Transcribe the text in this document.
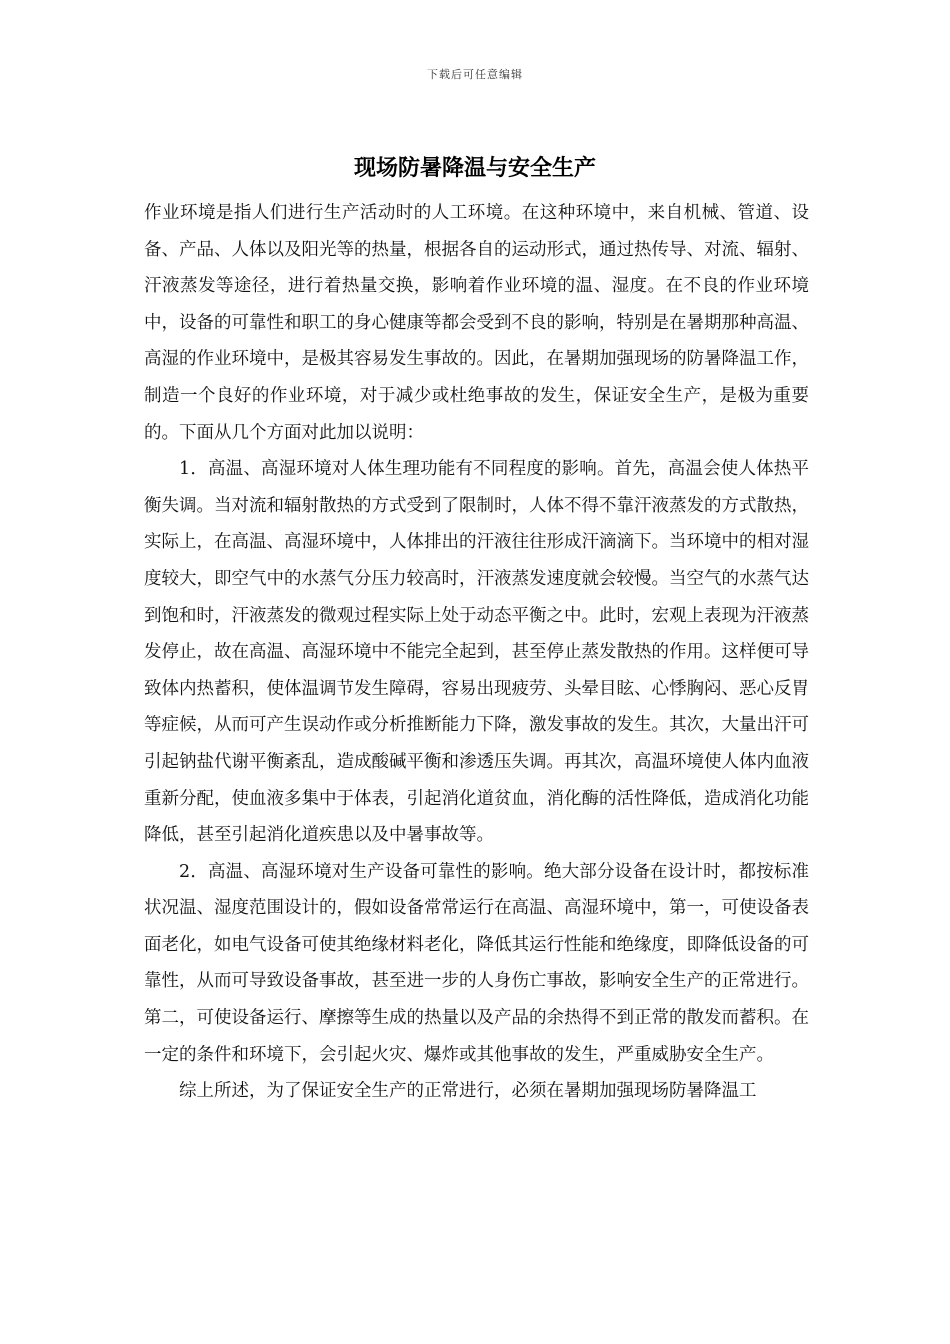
下载后可任意编辑
现场防暑降温与安全生产

作业环境是指人们进行生产活动时的人工环境。在这种环境中，来自机械、管道、设备、产品、人体以及阳光等的热量，根据各自的运动形式，通过热传导、对流、辐射、汗液蒸发等途径，进行着热量交换，影响着作业环境的温、湿度。在不良的作业环境中，设备的可靠性和职工的身心健康等都会受到不良的影响，特别是在暑期那种高温、高湿的作业环境中，是极其容易发生事故的。因此，在暑期加强现场的防暑降温工作，制造一个良好的作业环境，对于减少或杜绝事故的发生，保证安全生产，是极为重要的。下面从几个方面对此加以说明：

1．高温、高湿环境对人体生理功能有不同程度的影响。首先，高温会使人体热平衡失调。当对流和辐射散热的方式受到了限制时，人体不得不靠汗液蒸发的方式散热，实际上，在高温、高湿环境中，人体排出的汗液往往形成汗滴滴下。当环境中的相对湿度较大，即空气中的水蒸气分压力较高时，汗液蒸发速度就会较慢。当空气的水蒸气达到饱和时，汗液蒸发的微观过程实际上处于动态平衡之中。此时，宏观上表现为汗液蒸发停止，故在高温、高湿环境中不能完全起到，甚至停止蒸发散热的作用。这样便可导致体内热蓄积，使体温调节发生障碍，容易出现疲劳、头晕目眩、心悸胸闷、恶心反胃等症候，从而可产生误动作或分析推断能力下降，激发事故的发生。其次，大量出汗可引起钠盐代谢平衡紊乱，造成酸碱平衡和渗透压失调。再其次，高温环境使人体内血液重新分配，使血液多集中于体表，引起消化道贫血，消化酶的活性降低，造成消化功能降低，甚至引起消化道疾患以及中暑事故等。

2．高温、高湿环境对生产设备可靠性的影响。绝大部分设备在设计时，都按标准状况温、湿度范围设计的，假如设备常常运行在高温、高湿环境中，第一，可使设备表面老化，如电气设备可使其绝缘材料老化，降低其运行性能和绝缘度，即降低设备的可靠性，从而可导致设备事故，甚至进一步的人身伤亡事故，影响安全生产的正常进行。第二，可使设备运行、摩擦等生成的热量以及产品的余热得不到正常的散发而蓄积。在一定的条件和环境下，会引起火灾、爆炸或其他事故的发生，严重威胁安全生产。

综上所述，为了保证安全生产的正常进行，必须在暑期加强现场防暑降温工
